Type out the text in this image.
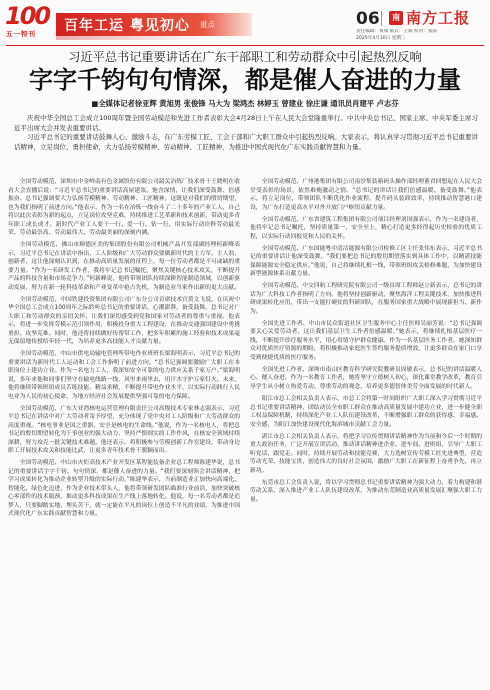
100
五一特刊
百年工运 粤见初心 重点	06	南 南方工报
责任编辑：黄康 版式：王斌 校对：张雨
2025年4月30日 星期三
习近平总书记重要讲话在广东干部职工和劳动群众中引起热烈反响
字字千钧句句情深，都是催人奋进的力量
■全媒体记者徐亚辉 黄旭男 张俊锋 马大为 梁鸿杰 林婷玉 曾建业 徐庄谦 通讯员肖建平 卢志芬

庆祝中华全国总工会成立100周年暨全国劳动模范和先进工作者表彰大会4月28日上午在人民大会堂隆重举行。中共中央总书记、国家主席、中央军委主席习近平出席大会并发表重要讲话。

习近平总书记的重要讲话鼓舞人心、激励斗志，在广东劳模工匠、工会干部和广大职工群众中引起热烈反响。大家表示，将认真学习贯彻习近平总书记重要讲话精神，立足岗位、勇担使命，大力弘扬劳模精神、劳动精神、工匠精神，为推进中国式现代化广东实践贡献智慧和力量。

全国劳动模范、深圳市中金岭南有色金属股份有限公司韶关冶炼厂技术骨干王晓明在收看大会直播后说：“习近平总书记的重要讲话高屋建瓴、饱含深情，让我们深受鼓舞、倍感振奋。总书记强调要大力弘扬劳模精神、劳动精神、工匠精神，这既是对我们的殷切期望，也为我们指明了前进方向。”他表示，作为一名在冶炼一线奋斗了二十多年的产业工人，自己将以此次表彰为新的起点，立足岗位攻坚克难，持续推进工艺革新和技术创新，带动更多青年职工成长成才。新时代产业工人要干一行、爱一行、钻一行，用实际行动诠释劳动最光荣、劳动最崇高、劳动最伟大、劳动最美丽的深刻内涵。

全国劳动模范、佛山市顺德区美的集团股份有限公司机械产品开发部副经理何新峰表示，习近平总书记在讲话中指出，工人阶级和广大劳动群众要做新时代的主力军、主人翁、创新者，这让他深刻认识到，在推动高质量发展的征程上，每一位劳动者都是不可或缺的重要力量。“作为一名研发工作者，我将牢记总书记嘱托，聚焦关键核心技术攻关，不断提升产品的科技含量和市场竞争力。”何新峰说，他将带领团队持续深耕智能制造领域，以创新驱动发展，努力在新一轮科技革命和产业变革中抢占先机，为制造业当家作出新的更大贡献。

全国劳动模范、中国铁建投资集团有限公司广东分公司首席技术官黄文飞说，在庆祝中华全国总工会成立100周年之际聆听总书记的重要讲话，心潮澎湃、备受鼓舞。总书记对广大职工和劳动群众的亲切关怀，让我们深切感受到党和国家对劳动者的尊重与重视。他表示，将进一步发挥劳模示范引领作用，积极投身重大工程建设，在推动交通强国建设中勇挑重担、攻坚克难。同时，他还将持续做好传帮带工作，把多年积累的施工经验和技术成果毫无保留地传授给年轻一代，为培养更多高技能人才贡献力量。

全国劳动模范、中山市供电局输电管理所带电作业班班长梁海明表示，习近平总书记的重要讲话为新时代工人运动和工会工作指明了前进方向。“总书记强调要激励广大职工在本职岗位上建功立业。作为一名电力工人，我深知安全可靠的电力供应关系千家万户。”梁海明说，多年来他和同事们坚守在输电线路一线，风里来雨里去，用汗水守护万家灯火。未来，他将继续带领班组成员苦练技能、精益求精，不断提升带电作业水平，以实际行动践行人民电业为人民的初心使命，为地方经济社会发展提供坚强可靠的电力保障。

全国劳动模范、广东大亚湾核电运营管理有限责任公司高级技术专家林志强表示，习近平总书记在讲话中对广大劳动者寄予厚望，充分体现了党中央对工人阶级和广大劳动群众的高度重视。“核电事业是国之重器，安全是核电的生命线。”他说，作为一名核电人，将把总书记的殷切期望转化为干事创业的强大动力，坚持严慎细实的工作作风，在核安全领域持续深耕，努力攻克一批关键技术难题。他还表示，将积极参与劳模创新工作室建设，带动身边职工开展技术攻关和技能比武，让更多青年技术骨干脱颖而出。

全国劳动模范、中山市火炬高技术产业开发区某智能装备企业总工程师陈建华说，总书记的重要讲话字字千钧、句句情深，都是催人奋进的力量。“我们要深刻领会讲话精神，把学习成果转化为推动企业转型升级的实际行动。”陈建华表示，当前制造业正加快向高端化、智能化、绿色化迈进，作为企业技术带头人，他将带领研发团队瞄准行业前沿，加快突破核心零部件的技术瓶颈，推动更多科技成果在生产线上落地转化。他说，每一名劳动者都是追梦人，只要脚踏实地、埋头苦干，就一定能在平凡的岗位上创造不平凡的业绩，为推进中国式现代化广东实践贡献智慧和力量。

全国劳动模范、广州港集团有限公司南沙集装箱码头操作部经理董君回想起在人民大会堂受表彰的场景，依然难掩激动之情。“总书记的讲话让我们倍感温暖、备受鼓舞。”他表示，将立足岗位，带领团队不断优化作业流程，提升码头装卸效率，持续推动智慧港口建设，为广东打造更高水平对外开放门户枢纽贡献力量。

全国劳动模范、广东省建筑工程集团有限公司项目经理刘国强表示，作为一名建设者，他将牢记总书记嘱托，坚持质量第一、安全至上，精心打造更多经得起历史检验的优质工程，以实际行动回报党和人民的关怀。

全国劳动模范、广东国能粤中清洁能源有限公司检修工区主任张伟东表示，习近平总书记的重要讲话让他深受鼓舞。“我们要把总书记的殷切期望落实到具体工作中，以精湛技能保障能源安全稳定供应。”他说，自己将继续扎根一线，带领班组攻关检修难题，为加快建设新型能源体系贡献力量。

全国劳动模范、中交四航工程研究院有限公司一级首席工程师赵立新表示，总书记的讲话为广大科技工作者指明了方向。他将坚持创新驱动，聚焦海洋工程关键技术，加快推进科研成果转化应用，带出一支能打硬仗的科研团队，在服务国家重大战略中展现新担当、新作为。

全国先进工作者、中山市民众街道社区卫生服务中心主任医师吴丽芳说：“总书记强调要关心关爱劳动者，这让我们基层卫生工作者倍感温暖。”她表示，将继续扎根基层医疗一线，不断提升诊疗服务水平，用心用情守护群众健康。作为一名基层医务工作者，她深知群众对优质医疗资源的期盼，将积极推动家庭医生签约服务提质增效，让更多群众在家门口享受到便捷优质的医疗服务。

全国先进工作者、深圳市南山区教育科学研究院教研员周敏表示，总书记的讲话温暖人心、催人奋进。作为一名教育工作者，她将坚守立德树人初心，深化课堂教学改革，教育引导学生从小树立热爱劳动、尊重劳动的观念，培养更多德智体美劳全面发展的时代新人。

阳江市总工会相关负责人表示，市总工会将第一时间组织广大职工深入学习贯彻习近平总书记重要讲话精神，团结动员全市职工群众在推动高质量发展中建功立业，进一步健全职工权益保障机制，持续深化产业工人队伍建设改革，不断增强职工群众的获得感、幸福感、安全感，为阳江加快建设现代化海滨城市贡献工会力量。

湛江市总工会相关负责人表示，将把学习宣传贯彻讲话精神作为当前和今后一个时期的重大政治任务，广泛开展宣讲活动，推动讲话精神进企业、进车间、进班组，引导广大职工听党话、跟党走。同时，持续开展劳动和技能竞赛，大力选树宣传劳模工匠先进典型，营造劳动光荣、技能宝贵、创造伟大的良好社会氛围，激励广大职工在新征程上奋勇争先、再立新功。

东莞市总工会负责人说，将以学习贯彻总书记重要讲话精神为强大动力，着力构建和谐劳动关系，深入推进产业工人队伍建设改革，为推动东莞制造业高质量发展汇聚强大职工力量。
